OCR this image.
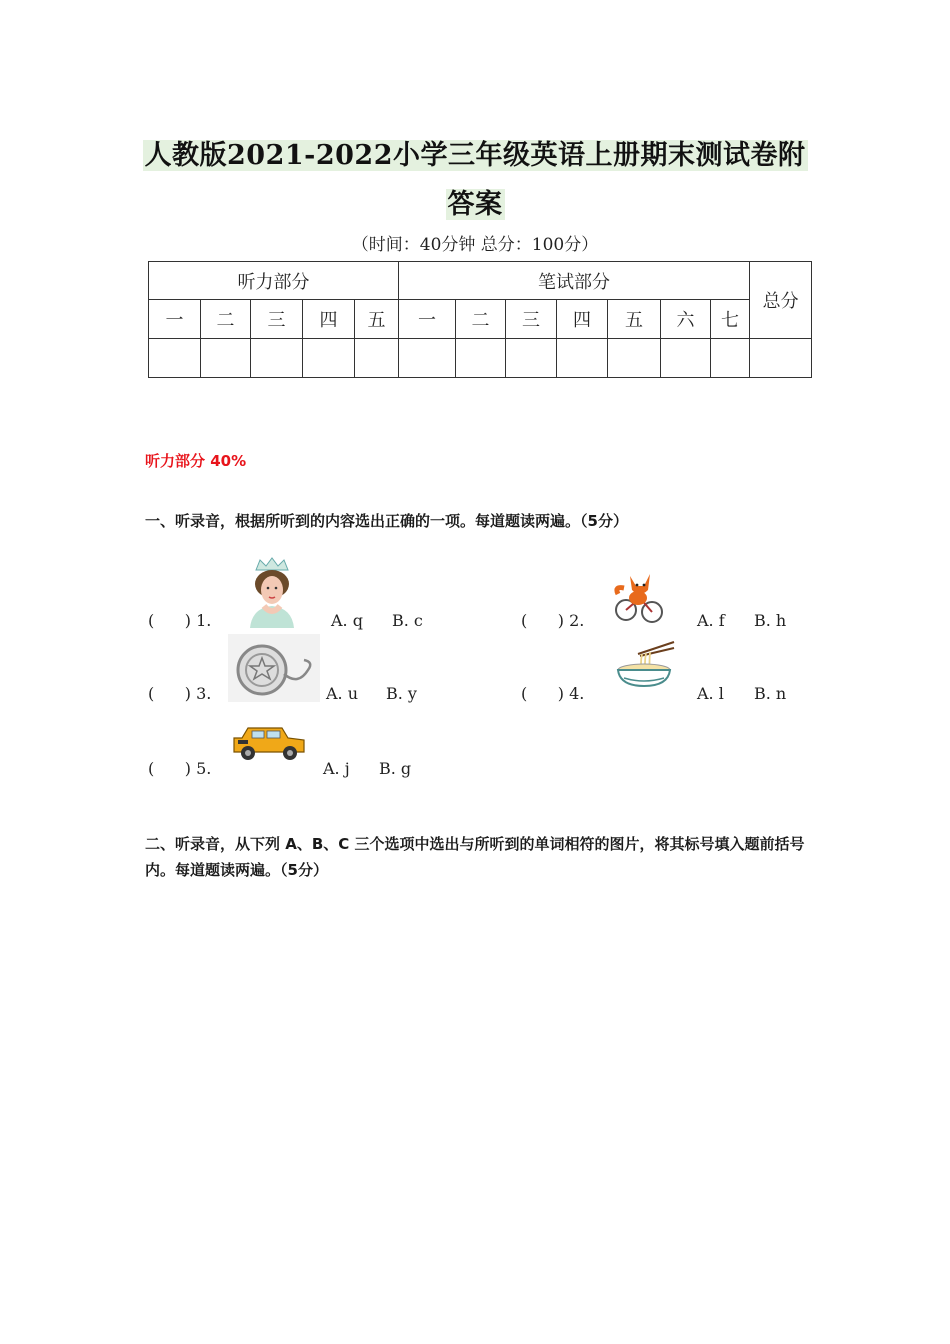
人教版2021-2022小学三年级英语上册期末测试卷附
答案
（时间：40分钟 总分：100分）
听力部分					笔试部分							总分
一	二	三	四	五	一	二	三	四	五	六	七	

听力部分 40%
一、听录音，根据所听到的内容选出正确的一项。每道题读两遍。（5分）
(      ) 1.	A. q B. c	(      ) 2.	A. f B. h
(      ) 3.	A. u B. y	(      ) 4.	A. l B. n
(      ) 5.	A. j B. g
二、听录音，从下列 A、B、C 三个选项中选出与所听到的单词相符的图片，将其标号填入题前括号内。每道题读两遍。（5分）
